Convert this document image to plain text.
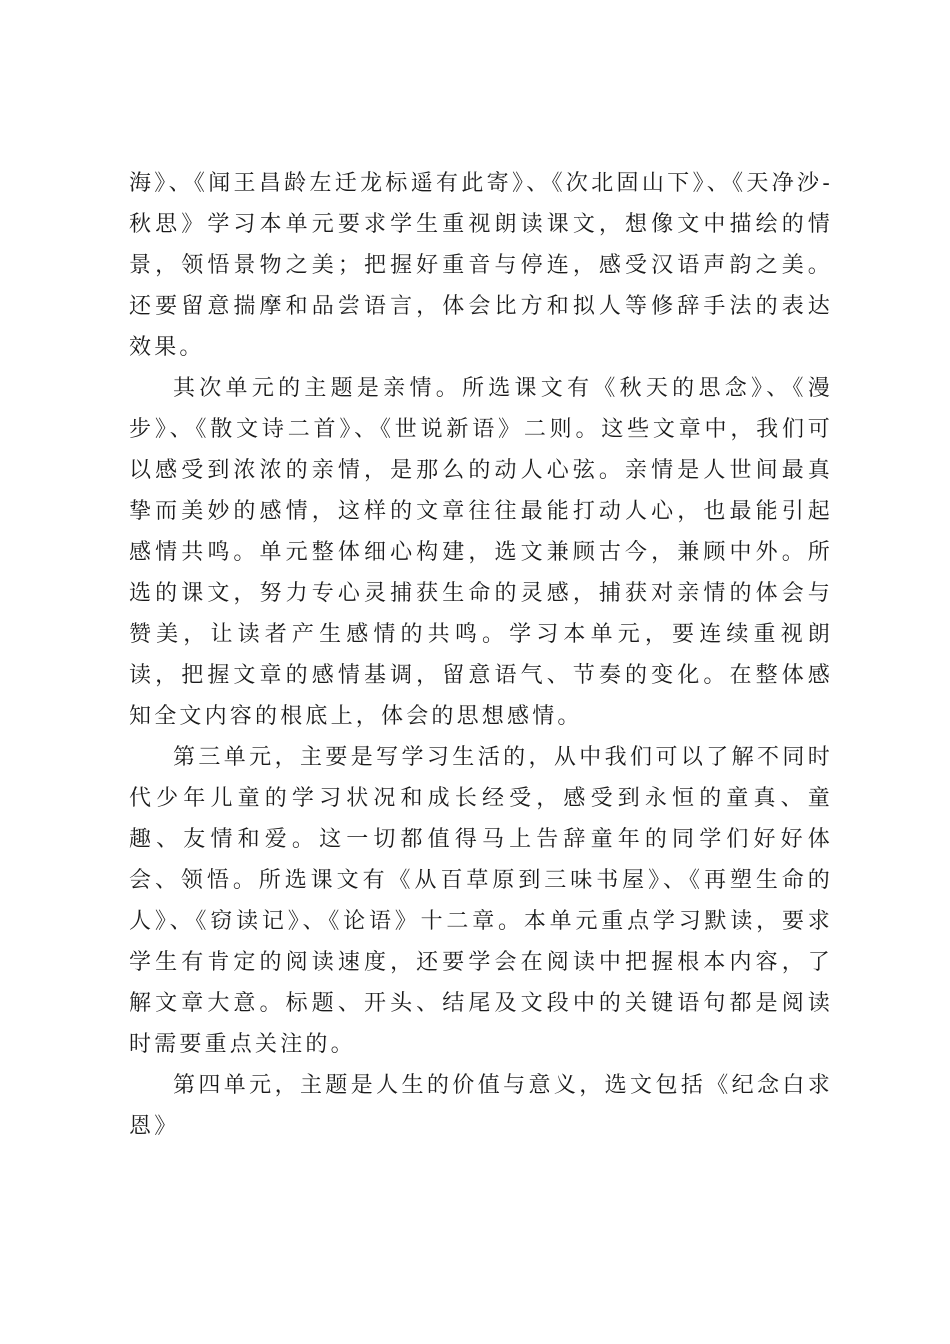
海》、《闻王昌龄左迁龙标遥有此寄》、《次北固山下》、《天净沙-秋思》学习本单元要求学生重视朗读课文，想像文中描绘的情景，领悟景物之美；把握好重音与停连，感受汉语声韵之美。还要留意揣摩和品尝语言，体会比方和拟人等修辞手法的表达效果。

其次单元的主题是亲情。所选课文有《秋天的思念》、《漫步》、《散文诗二首》、《世说新语》二则。这些文章中，我们可以感受到浓浓的亲情，是那么的动人心弦。亲情是人世间最真挚而美妙的感情，这样的文章往往最能打动人心，也最能引起感情共鸣。单元整体细心构建，选文兼顾古今，兼顾中外。所选的课文，努力专心灵捕获生命的灵感，捕获对亲情的体会与赞美，让读者产生感情的共鸣。学习本单元，要连续重视朗读，把握文章的感情基调，留意语气、节奏的变化。在整体感知全文内容的根底上，体会的思想感情。

第三单元，主要是写学习生活的，从中我们可以了解不同时代少年儿童的学习状况和成长经受，感受到永恒的童真、童趣、友情和爱。这一切都值得马上告辞童年的同学们好好体会、领悟。所选课文有《从百草原到三味书屋》、《再塑生命的人》、《窃读记》、《论语》十二章。本单元重点学习默读，要求学生有肯定的阅读速度，还要学会在阅读中把握根本内容，了解文章大意。标题、开头、结尾及文段中的关键语句都是阅读时需要重点关注的。

第四单元，主题是人生的价值与意义，选文包括《纪念白求恩》
